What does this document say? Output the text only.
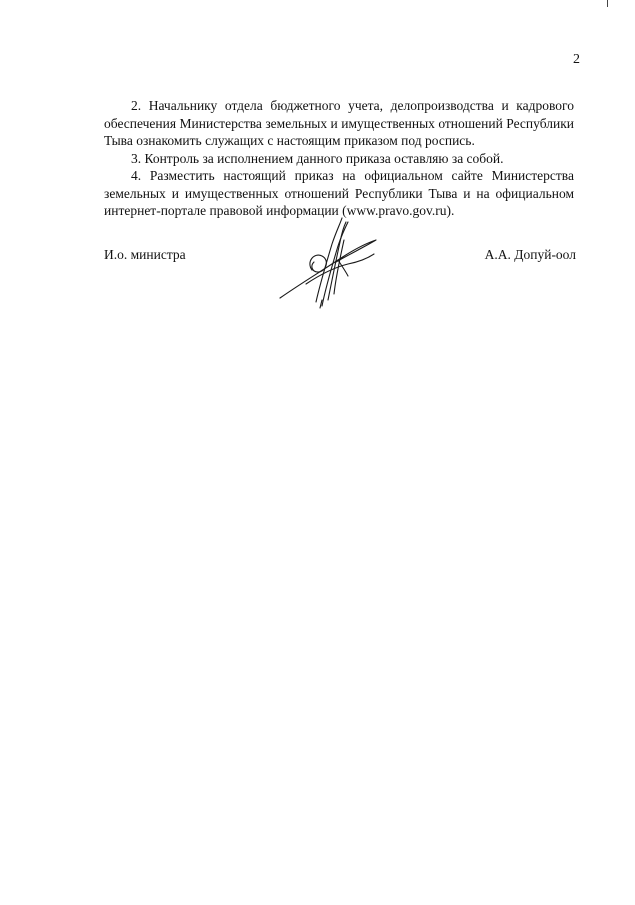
2

2. Начальнику отдела бюджетного учета, делопроизводства и кадрового обеспечения Министерства земельных и имущественных отношений Республики Тыва ознакомить служащих с настоящим приказом под роспись.

3. Контроль за исполнением данного приказа оставляю за собой.

4. Разместить настоящий приказ на официальном сайте Министерства земельных и имущественных отношений Республики Тыва и на официальном интернет-портале правовой информации (www.pravo.gov.ru).

И.о. министра	А.А. Допуй-оол
